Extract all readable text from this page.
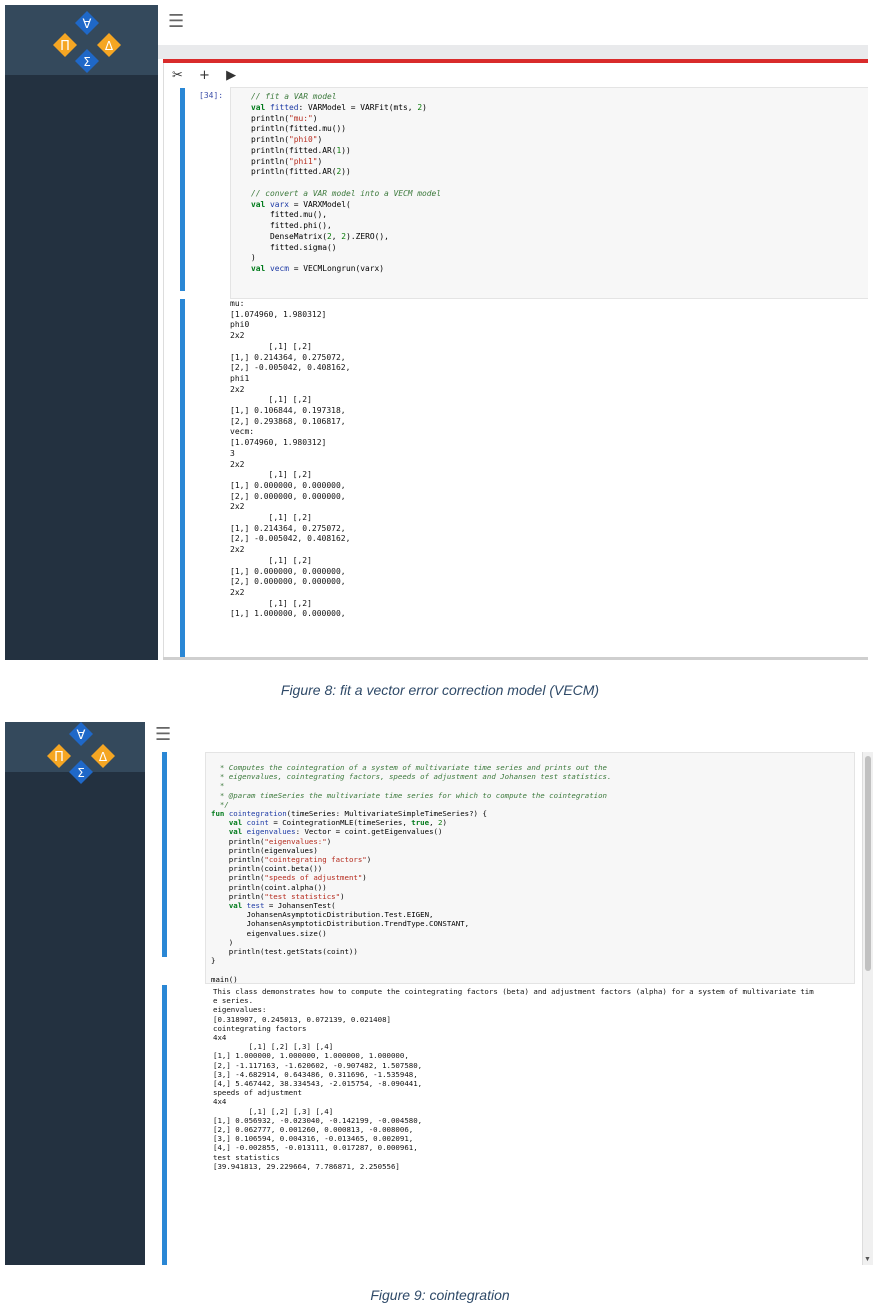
∀
Π	Δ
Σ
☰
✂ + ▶
[34]:	// fit a VAR model
val fitted: VARModel = VARFit(mts, 2)
println("mu:")
println(fitted.mu())
println("phi0")
println(fitted.AR(1))
println("phi1")
println(fitted.AR(2))

// convert a VAR model into a VECM model
val varx = VARXModel(
fitted.mu(),
fitted.phi(),
DenseMatrix(2, 2).ZERO(),
fitted.sigma()
)
val vecm = VECMLongrun(varx)
mu:
[1.074960, 1.980312]
phi0
2x2
[,1] [,2]
[1,] 0.214364, 0.275072,
[2,] -0.005042, 0.408162,
phi1
2x2
[,1] [,2]
[1,] 0.106844, 0.197318,
[2,] 0.293868, 0.106817,
vecm:
[1.074960, 1.980312]
3
2x2
[,1] [,2]
[1,] 0.000000, 0.000000,
[2,] 0.000000, 0.000000,
2x2
[,1] [,2]
[1,] 0.214364, 0.275072,
[2,] -0.005042, 0.408162,
2x2
[,1] [,2]
[1,] 0.000000, 0.000000,
[2,] 0.000000, 0.000000,
2x2
[,1] [,2]
[1,] 1.000000, 0.000000,
Figure 8: fit a vector error correction model (VECM)
∀
Π	Δ
Σ
☰
* Computes the cointegration of a system of multivariate time series and prints out the
* eigenvalues, cointegrating factors, speeds of adjustment and Johansen test statistics.
*
* @param timeSeries the multivariate time series for which to compute the cointegration
*/
fun cointegration(timeSeries: MultivariateSimpleTimeSeries?) {
val coint = CointegrationMLE(timeSeries, true, 2)
val eigenvalues: Vector = coint.getEigenvalues()
println("eigenvalues:")
println(eigenvalues)
println("cointegrating factors")
println(coint.beta())
println("speeds of adjustment")
println(coint.alpha())
println("test statistics")
val test = JohansenTest(
JohansenAsymptoticDistribution.Test.EIGEN,
JohansenAsymptoticDistribution.TrendType.CONSTANT,
eigenvalues.size()
)
println(test.getStats(coint))
}

main()
This class demonstrates how to compute the cointegrating factors (beta) and adjustment factors (alpha) for a system of multivariate tim
e series.
eigenvalues:
[0.318907, 0.245013, 0.072139, 0.021408]
cointegrating factors
4x4
[,1] [,2] [,3] [,4]
[1,] 1.000000, 1.000000, 1.000000, 1.000000,
[2,] -1.117163, -1.620602, -0.907482, 1.507580,
[3,] -4.682914, 0.643486, 0.311696, -1.535948,
[4,] 5.467442, 38.334543, -2.015754, -8.090441,
speeds of adjustment
4x4
[,1] [,2] [,3] [,4]
[1,] 0.056932, -0.023040, -0.142199, -0.004580,
[2,] 0.062777, 0.001260, 0.000813, -0.008006,
[3,] 0.106594, 0.004316, -0.013465, 0.002091,
[4,] -0.002855, -0.013111, 0.017287, 0.000961,
test statistics
[39.941813, 29.229664, 7.786871, 2.250556]
▼
Figure 9: cointegration
